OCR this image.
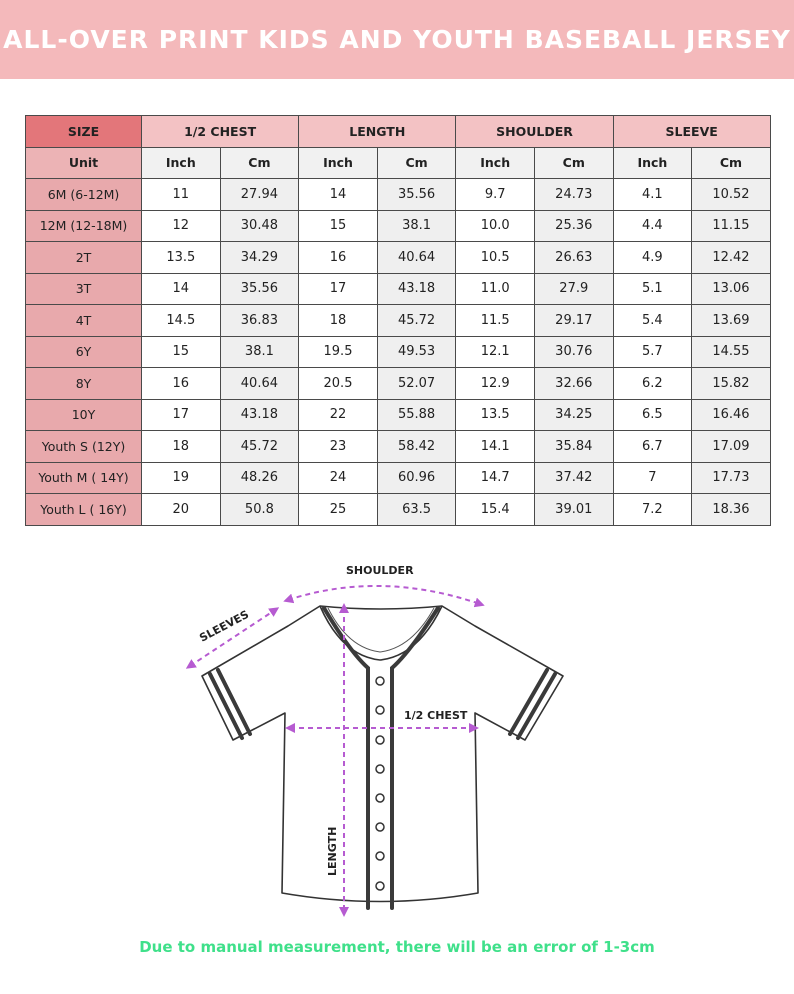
ALL-OVER PRINT KIDS AND YOUTH BASEBALL JERSEY
SIZE	1/2 CHEST		LENGTH		SHOULDER		SLEEVE	
Unit	Inch	Cm	Inch	Cm	Inch	Cm	Inch	Cm
6M (6-12M)	11	27.94	14	35.56	9.7	24.73	4.1	10.52
12M (12-18M)	12	30.48	15	38.1	10.0	25.36	4.4	11.15
2T	13.5	34.29	16	40.64	10.5	26.63	4.9	12.42
3T	14	35.56	17	43.18	11.0	27.9	5.1	13.06
4T	14.5	36.83	18	45.72	11.5	29.17	5.4	13.69
6Y	15	38.1	19.5	49.53	12.1	30.76	5.7	14.55
8Y	16	40.64	20.5	52.07	12.9	32.66	6.2	15.82
10Y	17	43.18	22	55.88	13.5	34.25	6.5	16.46
Youth S (12Y)	18	45.72	23	58.42	14.1	35.84	6.7	17.09
Youth M ( 14Y)	19	48.26	24	60.96	14.7	37.42	7	17.73
Youth L ( 16Y)	20	50.8	25	63.5	15.4	39.01	7.2	18.36
SHOULDER
SLEEVES
1/2 CHEST
LENGTH
Due to manual measurement, there will be an error of 1-3cm
